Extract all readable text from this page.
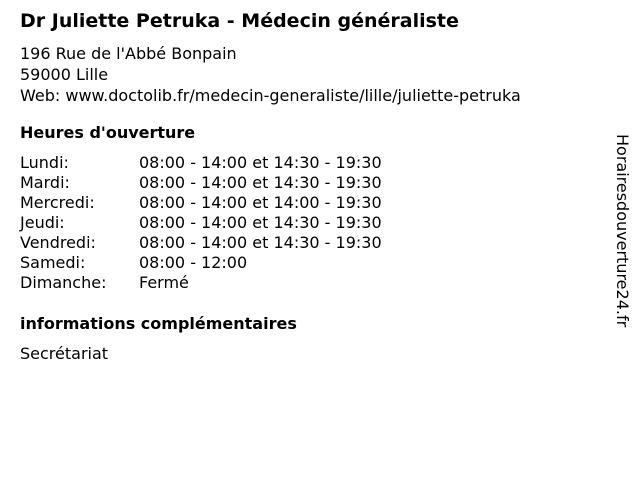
Dr Juliette Petruka - Médecin généraliste
196 Rue de l'Abbé Bonpain
59000 Lille
Web: www.doctolib.fr/medecin-generaliste/lille/juliette-petruka
Heures d'ouverture
Lundi:	08:00 - 14:00 et 14:30 - 19:30
Mardi:	08:00 - 14:00 et 14:30 - 19:30
Mercredi:	08:00 - 14:00 et 14:00 - 19:30
Jeudi:	08:00 - 14:00 et 14:30 - 19:30
Vendredi:	08:00 - 14:00 et 14:30 - 19:30
Samedi:	08:00 - 12:00
Dimanche: Fermé
informations complémentaires
Secrétariat
Horairesdouverture24.fr
